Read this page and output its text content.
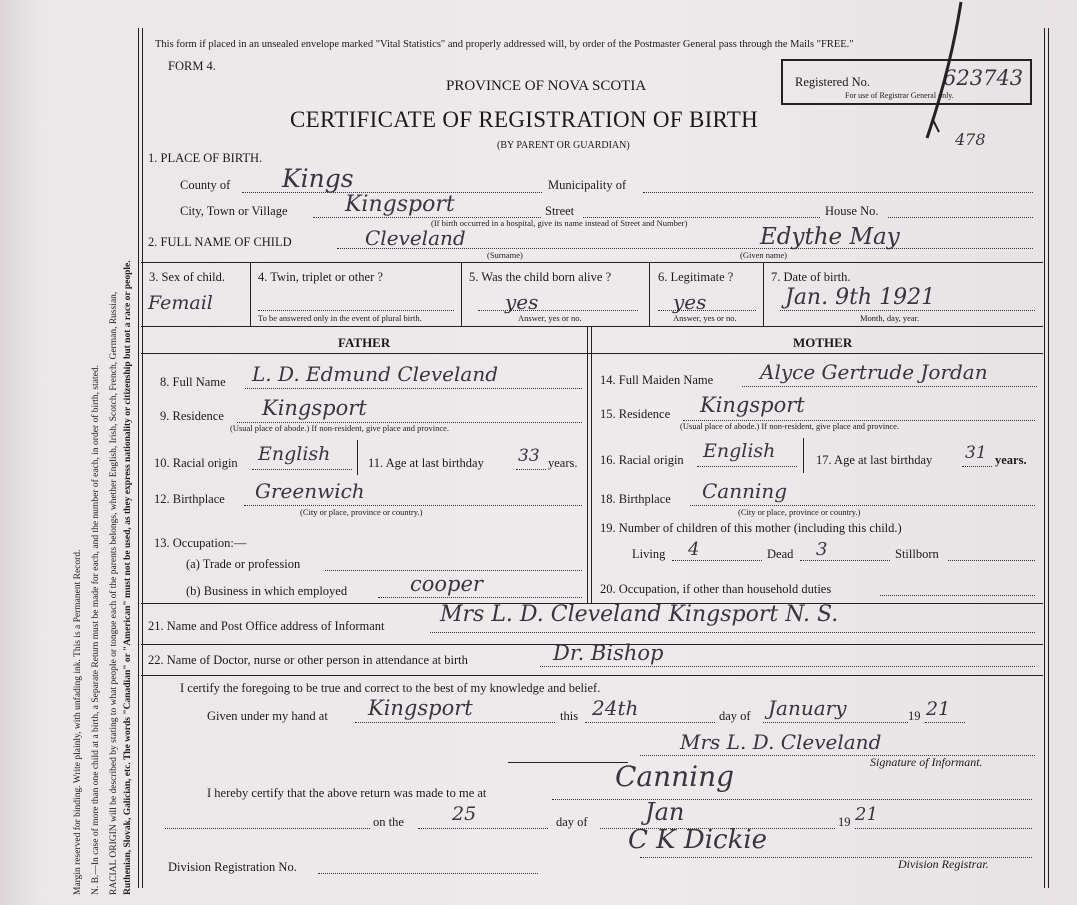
Margin reserved for binding. Write plainly, with unfading ink. This is a Permanent Record. N. B.—In case of more than one child at a birth, a Separate Return must be made for each, and the number of each, in order of birth, stated. RACIAL ORIGIN will be described by stating to what people or tongue each of the parents belongs, whether English, Irish, Scotch, French, German, Russian, Ruthenian, Slovak, Galician, etc. The words "Canadian" or "American" must not be used, as they express nationality or citizenship but not a race or people.
This form if placed in an unsealed envelope marked "Vital Statistics" and properly addressed will, by order of the Postmaster General pass through the Mails "FREE."
FORM 4.
PROVINCE OF NOVA SCOTIA
CERTIFICATE OF REGISTRATION OF BIRTH
(BY PARENT OR GUARDIAN)
Registered No.
For use of Registrar General only.
623743
478
1. PLACE OF BIRTH.
County of Kings	Municipality of
City, Town or Village	Kingsport	Street	House No.
(If birth occurred in a hospital, give its name instead of Street and Number)
2. FULL NAME OF CHILD	Cleveland
(Surname)
Edythe May
(Given name)
3. Sex of child.
Femail
4. Twin, triplet or other ?
To be answered only in the event of plural birth.
5. Was the child born alive ?
yes
Answer, yes or no.
6. Legitimate ?
yes
Answer, yes or no.
7. Date of birth.
Jan. 9th 1921
Month, day, year.
FATHER	MOTHER
8. Full Name L. D. Edmund Cleveland
9. Residence Kingsport
(Usual place of abode.) If non-resident, give place and province.
10. Racial origin English	11. Age at last birthday 33 years.
12. Birthplace Greenwich
(City or place, province or country.)
13. Occupation:—
(a) Trade or profession
(b) Business in which employed	cooper
14. Full Maiden Name Alyce Gertrude Jordan
15. Residence Kingsport
(Usual place of abode.) If non-resident, give place and province.
16. Racial origin English	17. Age at last birthday 31 years.
18. Birthplace Canning
(City or place, province or country.)
19. Number of children of this mother (including this child.)
Living 4	Dead 3	Stillborn
20. Occupation, if other than household duties
21. Name and Post Office address of Informant	Mrs L. D. Cleveland Kingsport N. S.
22. Name of Doctor, nurse or other person in attendance at birth	Dr. Bishop
I certify the foregoing to be true and correct to the best of my knowledge and belief.
Given under my hand at Kingsport	this 24th	day of January	19 21
Mrs L. D. Cleveland
Signature of Informant.
I hereby certify that the above return was made to me at	Canning
on the	25	day of Jan	19 21
C K Dickie
Division Registration No.	Division Registrar.
